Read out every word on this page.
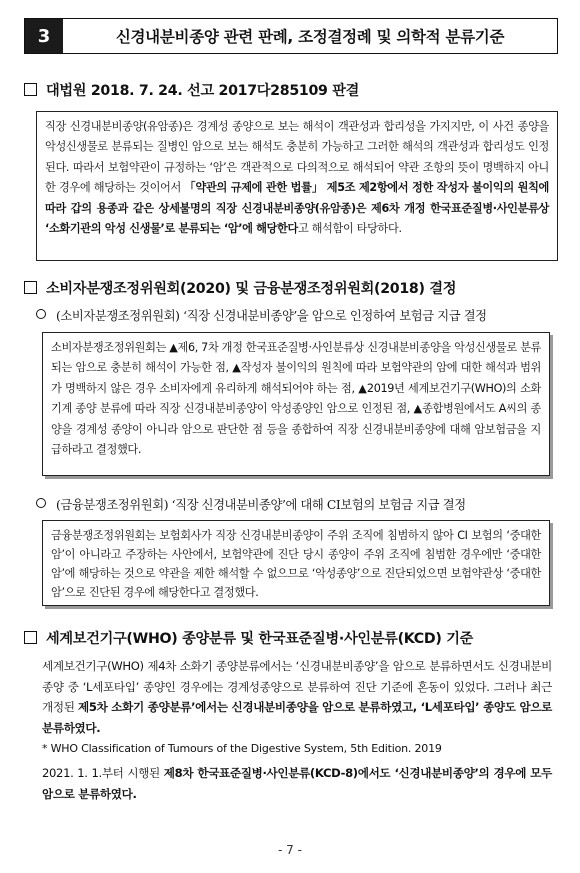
3	신경내분비종양 관련 판례, 조정결정례 및 의학적 분류기준
대법원 2018. 7. 24. 선고 2017다285109 판결
직장 신경내분비종양(유암종)은 경계성 종양으로 보는 해석이 객관성과 합리성을 가지지만, 이 사건 종양을 악성신생물로 분류되는 질병인 암으로 보는 해석도 충분히 가능하고 그러한 해석의 객관성과 합리성도 인정된다. 따라서 보험약관이 규정하는 ‘암’은 객관적으로 다의적으로 해석되어 약관 조항의 뜻이 명백하지 아니한 경우에 해당하는 것이어서 「약관의 규제에 관한 법률」 제5조 제2항에서 정한 작성자 불이익의 원칙에 따라 갑의 용종과 같은 상세불명의 직장 신경내분비종양(유암종)은 제6차 개정 한국표준질병·사인분류상 ‘소화기관의 악성 신생물’로 분류되는 ‘암’에 해당한다고 해석함이 타당하다.
소비자분쟁조정위원회(2020) 및 금융분쟁조정위원회(2018) 결정
(소비자분쟁조정위원회) ‘직장 신경내분비종양’을 암으로 인정하여 보험금 지급 결정
소비자분쟁조정위원회는 ▲제6, 7차 개정 한국표준질병·사인분류상 신경내분비종양을 악성신생물로 분류되는 암으로 충분히 해석이 가능한 점, ▲작성자 불이익의 원칙에 따라 보험약관의 암에 대한 해석과 범위가 명백하지 않은 경우 소비자에게 유리하게 해석되어야 하는 점, ▲2019년 세계보건기구(WHO)의 소화기계 종양 분류에 따라 직장 신경내분비종양이 악성종양인 암으로 인정된 점, ▲종합병원에서도 A씨의 종양을 경계성 종양이 아니라 암으로 판단한 점 등을 종합하여 직장 신경내분비종양에 대해 암보험금을 지급하라고 결정했다.
(금융분쟁조정위원회) ‘직장 신경내분비종양’에 대해 CI보험의 보험금 지급 결정
금융분쟁조정위원회는 보험회사가 직장 신경내분비종양이 주위 조직에 침범하지 않아 CI 보험의 ‘중대한 암’이 아니라고 주장하는 사안에서, 보험약관에 진단 당시 종양이 주위 조직에 침범한 경우에만 ‘중대한 암’에 해당하는 것으로 약관을 제한 해석할 수 없으므로 ‘악성종양’으로 진단되었으면 보험약관상 ‘중대한 암’으로 진단된 경우에 해당한다고 결정했다.
세계보건기구(WHO) 종양분류 및 한국표준질병·사인분류(KCD) 기준
세계보건기구(WHO) 제4차 소화기 종양분류에서는 ‘신경내분비종양’을 암으로 분류하면서도 신경내분비종양 중 ‘L세포타입’ 종양인 경우에는 경계성종양으로 분류하여 진단 기준에 혼동이 있었다. 그러나 최근 개정된 제5차 소화기 종양분류’에서는 신경내분비종양을 암으로 분류하였고, ‘L세포타입’ 종양도 암으로 분류하였다.
* WHO Classification of Tumours of the Digestive System, 5th Edition. 2019
2021. 1. 1.부터 시행된 제8차 한국표준질병·사인분류(KCD-8)에서도 ‘신경내분비종양’의 경우에 모두 암으로 분류하였다.
- 7 -
